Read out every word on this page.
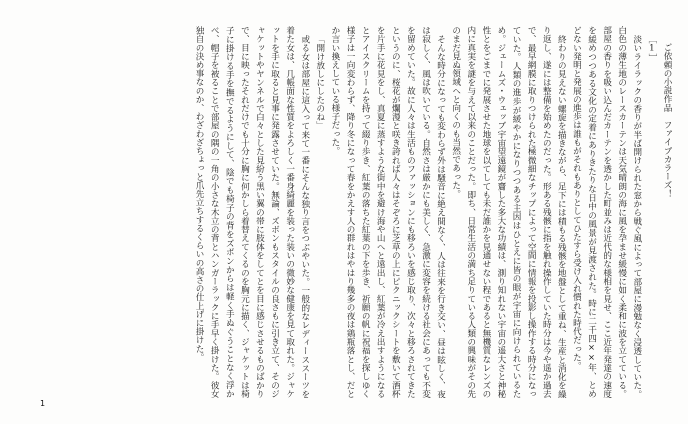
ご依頼の小説作品　ファイブカラーズ！

［1］

淡いライラックの香りが半ば開けられた窓から戦ぐ風によって部屋に漫勉なく浸透していた。白色の薄生地のレースカーテンは天気晴朗の海に風を孕ませ緩慢に如く柔和に波を立てている。部屋の香りを吸い込んだカーテンを透かした町並みは近代的な様相を見せ、ここ近年発達の速度を緩めつつある文化の定着にありきたりな日中の風景が見渡された。時に二千四××年、とめどない発明と発展の進歩は誰もがそれもありとしてひたすら受け入れ慣れた時代だった。

終わりの見えない螺旋を描きながら、足下には積もる残骸を地盤として重ね、生産と消化を繰り返し、遂には整備を始めたのだった。形ある残骸に指を触れ操作していた時分は今や遥か過去で、最早網膜に取りつけられた極微細なチップによって空間に情報を投影し操作する時分になっていた。人類の進歩が緩やかになりつつある主因はひとえに皆の眼が宇宙に向けられているため。ジェームズ・ウェッブ宇宙望遠鏡が齎した多大な功績は、測り知れない宇宙の遥大さと神秘性とをごまでに発展させた地球を以てしても未だ誰かを見通せない程であると無機質なレンズの内に真実を謎を与えて以来のことだった。即ち、日常生活の満ち足りている人類の興味がその先のまだ見ぬ領域へと向くのも当然であった。

そんな時分になっても変わらず外は騒音に絶え間なく、人は往来を行き交い、昼は眩しく、夜は寂しく、風は吹いている。自然さは厳かにも美しく、急激に変容を続ける社会にあっても不変を留めていた。故に人々は生活ものファッションにも移ろいを感じ取り、次々と移ろされてきたというのに、桜花が爛漫と咲き誇れば人々はそぞろに芝草の上にピクニックシートを敷いて酒杯を片手に花見をし、真夏に蒸すような街中を避け海や山へと遠出し、紅葉が冷え出すようになるとアイスクリームを持って綴り歩き、紅葉の落ちた紅葉の下を歩き、祈願の帆に祝福を探しゆく様子は一向変わらず、降り冬になって春をかえす人の群れはやはり幾多の夜は鶏瓶落とし、だとか言い換えしている様子だった。

「開け放しにしたのね」

或る女は部屋に這入って来て一番にそんな独り言をつぶやいた。一般的なレディーススーツを着た女は、几帳面な性質をよろしく一番身綺麗を装った装いの微妙な健康を見て取れた。ジャケットを手に取ると見事に発露させていた。無論、ズボンもスタイルの良さもに引き立て、そのジャケットやヤンネルで白々とした見紛う黒い翼の帯に肢体をしてとを目に感じさせるものばかりで、目に映ったそれだけでも十分に胸に何かしら着替えてくるのを胸元に描く、ジャケットは椅子に掛ける手を撫でるようにして、陰でも椅子の背をズボンからは軽く手ぬぐうことなく浮かべ、帽子を被ることで部屋の隅の一角の小さな木立の背とハンガーラックに手早く掛けた。彼女独自の決め事なのか、わざわざちょっと爪先立ちするくらいの高さの仕上げに掛けた。

1
